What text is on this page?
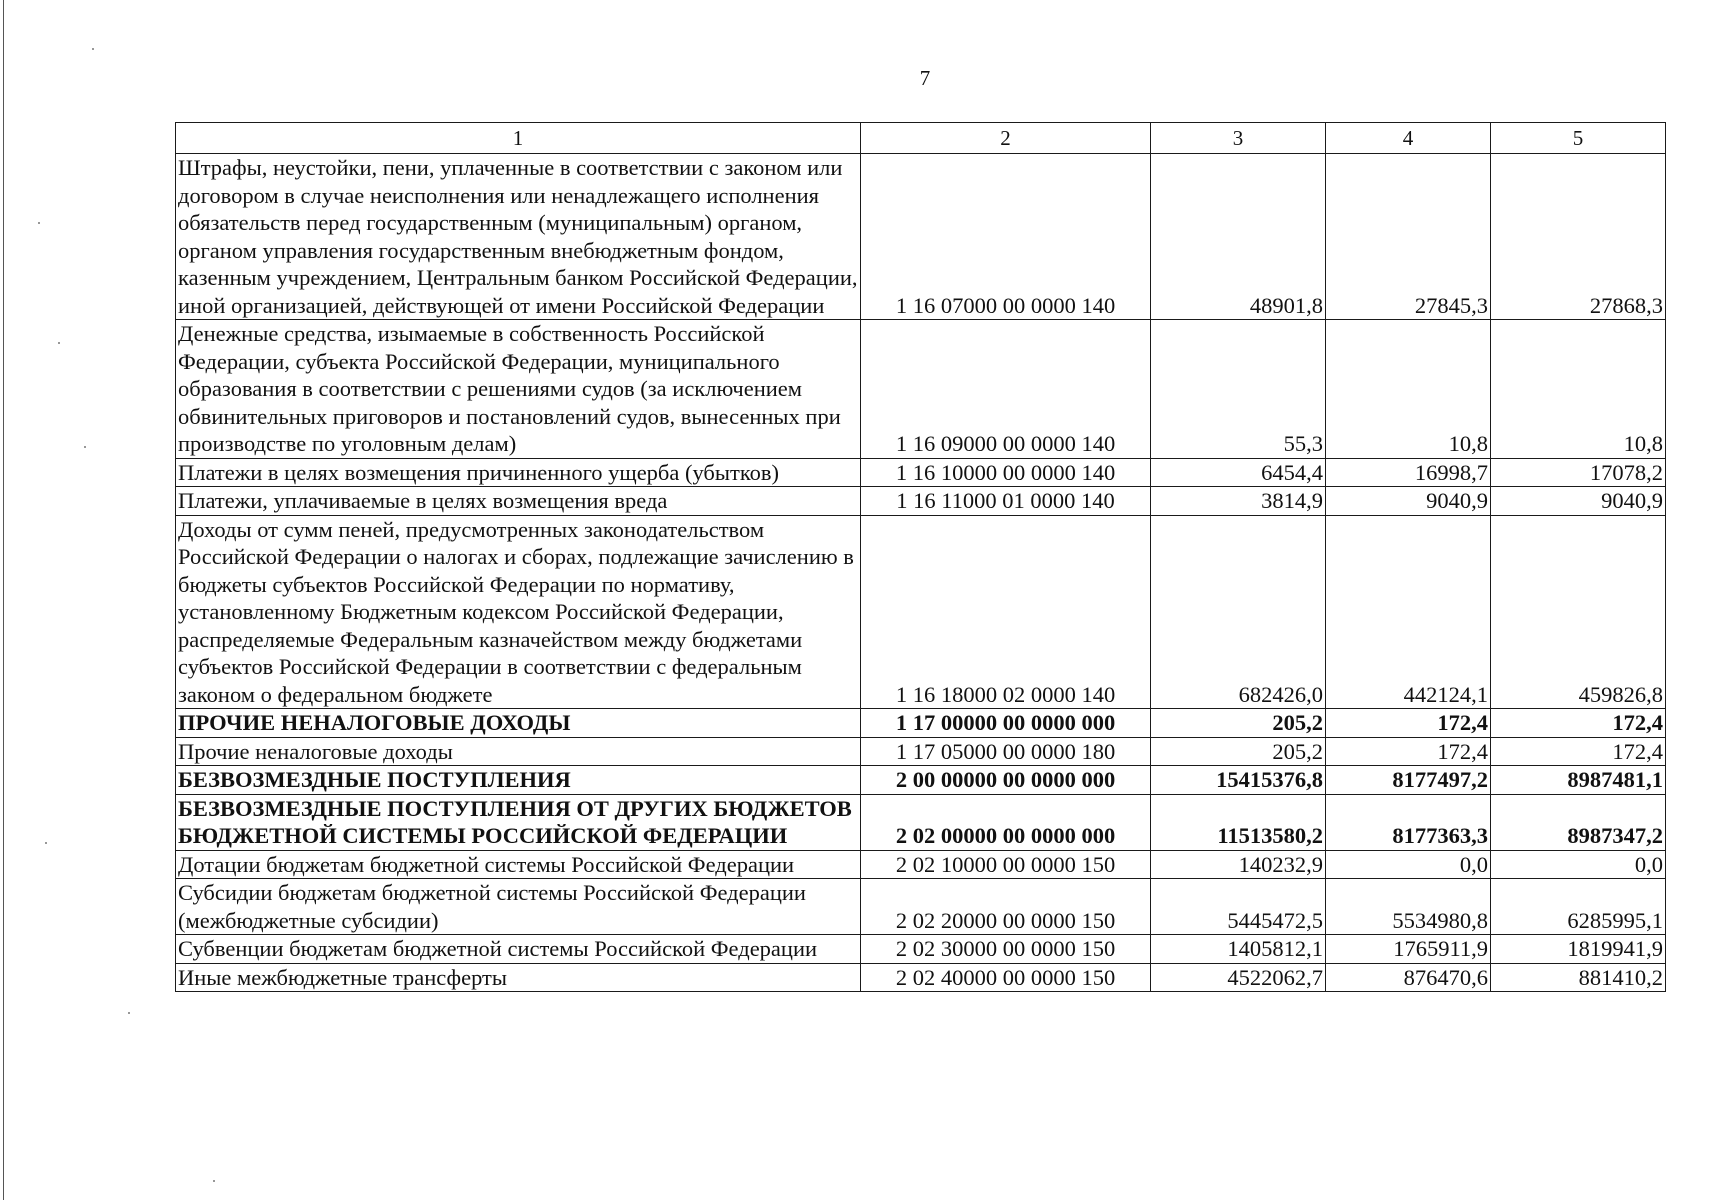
7
1	2	3	4	5
Штрафы, неустойки, пени, уплаченные в соответствии с законом или договором в случае неисполнения или ненадлежащего исполнения обязательств перед государственным (муниципальным) органом, органом управления государственным внебюджетным фондом, казенным учреждением, Центральным банком Российской Федерации, иной организацией, действующей от имени Российской Федерации	1 16 07000 00 0000 140	48901,8	27845,3	27868,3
Денежные средства, изымаемые в собственность Российской Федерации, субъекта Российской Федерации, муниципального образования в соответствии с решениями судов (за исключением обвинительных приговоров и постановлений судов, вынесенных при производстве по уголовным делам)	1 16 09000 00 0000 140	55,3	10,8	10,8
Платежи в целях возмещения причиненного ущерба (убытков)	1 16 10000 00 0000 140	6454,4	16998,7	17078,2
Платежи, уплачиваемые в целях возмещения вреда	1 16 11000 01 0000 140	3814,9	9040,9	9040,9
Доходы от сумм пеней, предусмотренных законодательством Российской Федерации о налогах и сборах, подлежащие зачислению в бюджеты субъектов Российской Федерации по нормативу, установленному Бюджетным кодексом Российской Федерации, распределяемые Федеральным казначейством между бюджетами субъектов Российской Федерации в соответствии с федеральным законом о федеральном бюджете	1 16 18000 02 0000 140	682426,0	442124,1	459826,8
ПРОЧИЕ НЕНАЛОГОВЫЕ ДОХОДЫ	1 17 00000 00 0000 000	205,2	172,4	172,4
Прочие неналоговые доходы	1 17 05000 00 0000 180	205,2	172,4	172,4
БЕЗВОЗМЕЗДНЫЕ ПОСТУПЛЕНИЯ	2 00 00000 00 0000 000	15415376,8	8177497,2	8987481,1
БЕЗВОЗМЕЗДНЫЕ ПОСТУПЛЕНИЯ ОТ ДРУГИХ БЮДЖЕТОВ БЮДЖЕТНОЙ СИСТЕМЫ РОССИЙСКОЙ ФЕДЕРАЦИИ	2 02 00000 00 0000 000	11513580,2	8177363,3	8987347,2
Дотации бюджетам бюджетной системы Российской Федерации	2 02 10000 00 0000 150	140232,9	0,0	0,0
Субсидии бюджетам бюджетной системы Российской Федерации (межбюджетные субсидии)	2 02 20000 00 0000 150	5445472,5	5534980,8	6285995,1
Субвенции бюджетам бюджетной системы Российской Федерации	2 02 30000 00 0000 150	1405812,1	1765911,9	1819941,9
Иные межбюджетные трансферты	2 02 40000 00 0000 150	4522062,7	876470,6	881410,2
